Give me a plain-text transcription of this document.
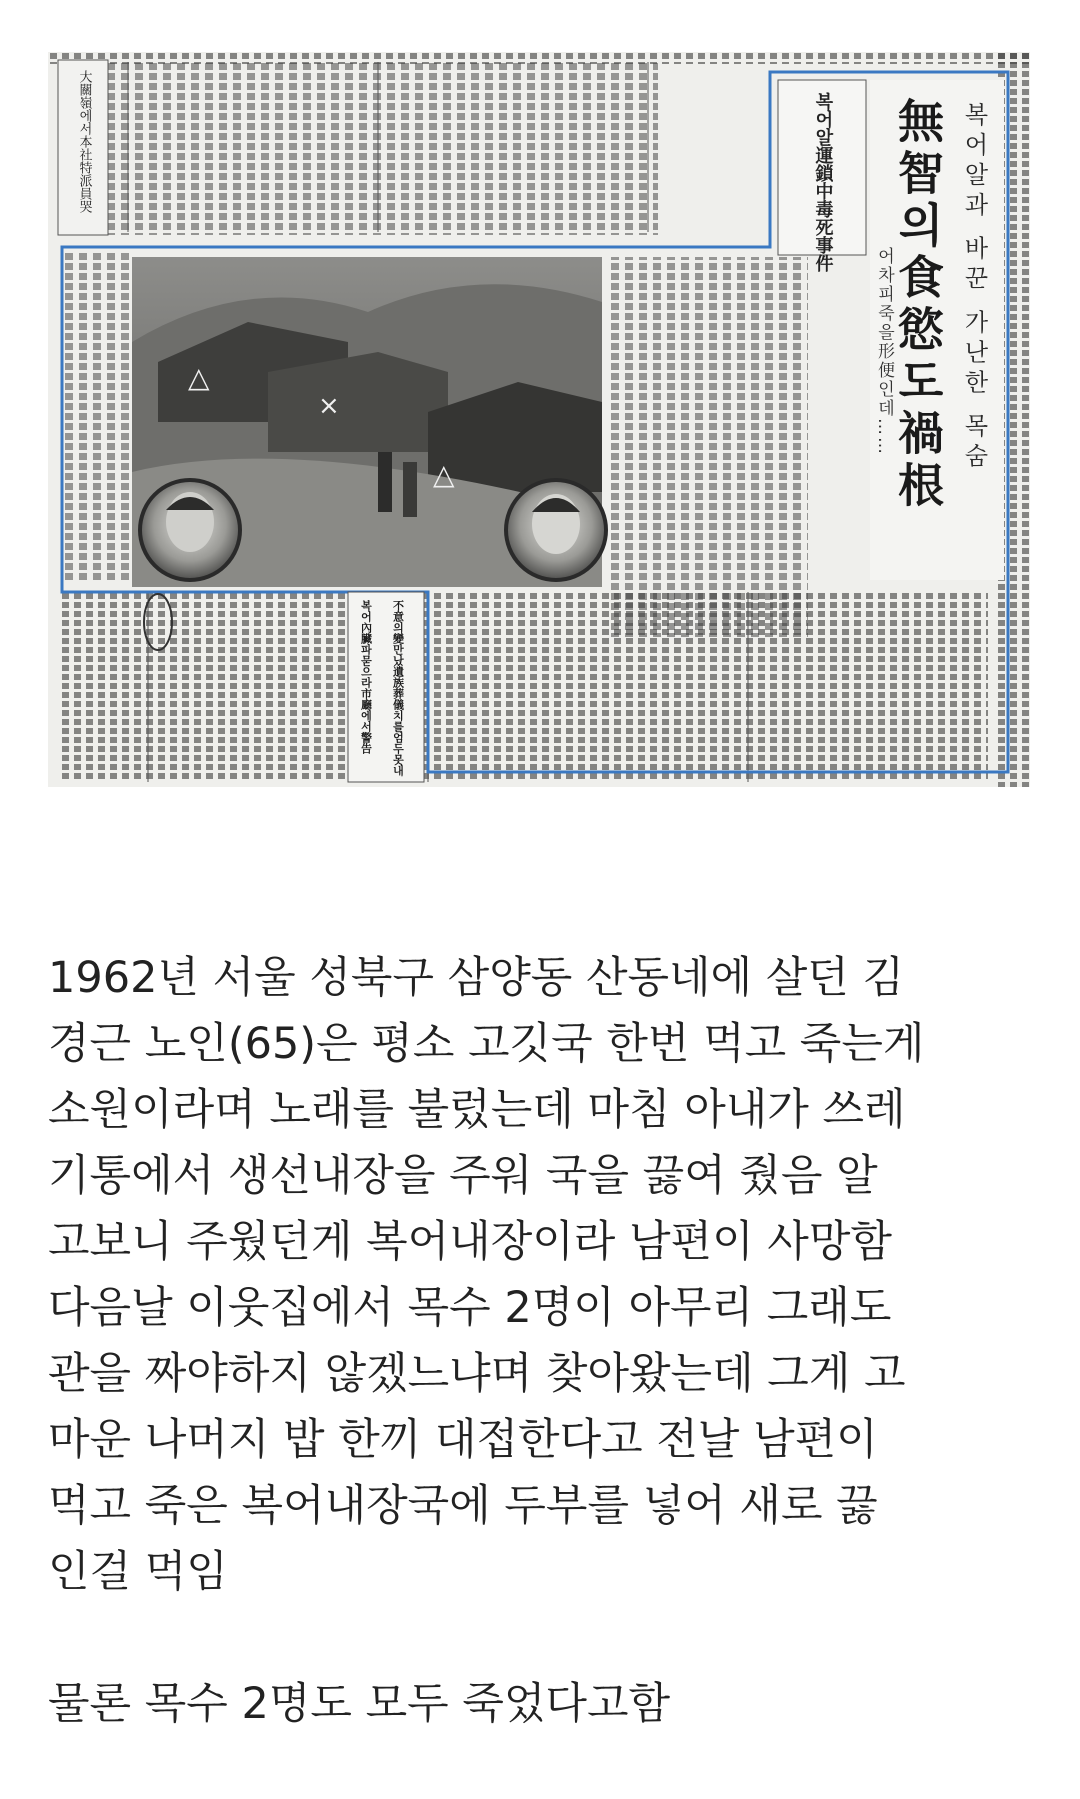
복어알과 바꾼 가난한 목숨
無智의食慾도禍根
어차피죽을形便인데……
복어알運鎖中毒死事件
大關嶺에서本社特派員哭
△
×
△
不意의變만났遺族葬儀치를엄두못내
복어內臟파묻으라市廳에서警告

1962년 서울 성북구 삼양동 산동네에 살던 김

경근 노인(65)은 평소 고깃국 한번 먹고 죽는게

소원이라며 노래를 불렀는데 마침 아내가 쓰레

기통에서 생선내장을 주워 국을 끓여 줬음 알

고보니 주웠던게 복어내장이라 남편이 사망함

다음날 이웃집에서 목수 2명이 아무리 그래도

관을 짜야하지 않겠느냐며 찾아왔는데 그게 고

마운 나머지 밥 한끼 대접한다고 전날 남편이

먹고 죽은 복어내장국에 두부를 넣어 새로 끓

인걸 먹임

물론 목수 2명도 모두 죽었다고함
